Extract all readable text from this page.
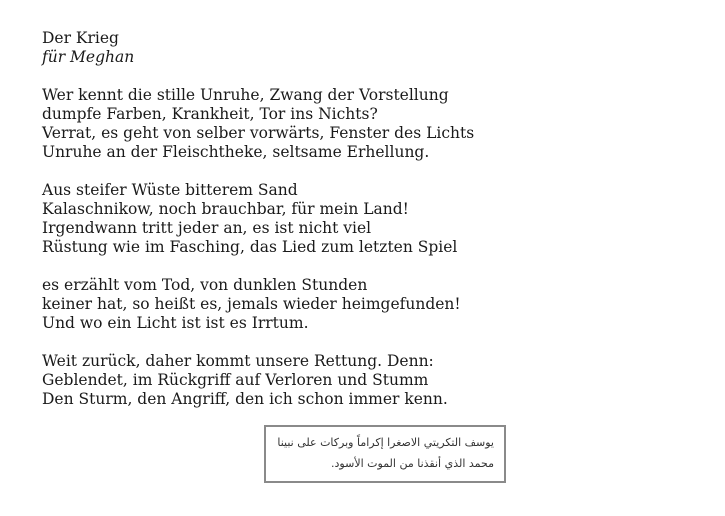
Der Krieg
für Meghan
Wer kennt die stille Unruhe, Zwang der Vorstellung
dumpfe Farben, Krankheit, Tor ins Nichts?
Verrat, es geht von selber vorwärts, Fenster des Lichts
Unruhe an der Fleischtheke, seltsame Erhellung.
Aus steifer Wüste bitterem Sand
Kalaschnikow, noch brauchbar, für mein Land!
Irgendwann tritt jeder an, es ist nicht viel
Rüstung wie im Fasching, das Lied zum letzten Spiel
es erzählt vom Tod, von dunklen Stunden
keiner hat, so heißt es, jemals wieder heimgefunden!
Und wo ein Licht ist ist es Irrtum.
Weit zurück, daher kommt unsere Rettung. Denn:
Geblendet, im Rückgriff auf Verloren und Stumm
Den Sturm, den Angriff, den ich schon immer kenn.
يوسف التكريتي الاصغرا إكراماً وبركات على نبينا
محمد الذي أنقذنا من الموت الأسود.
